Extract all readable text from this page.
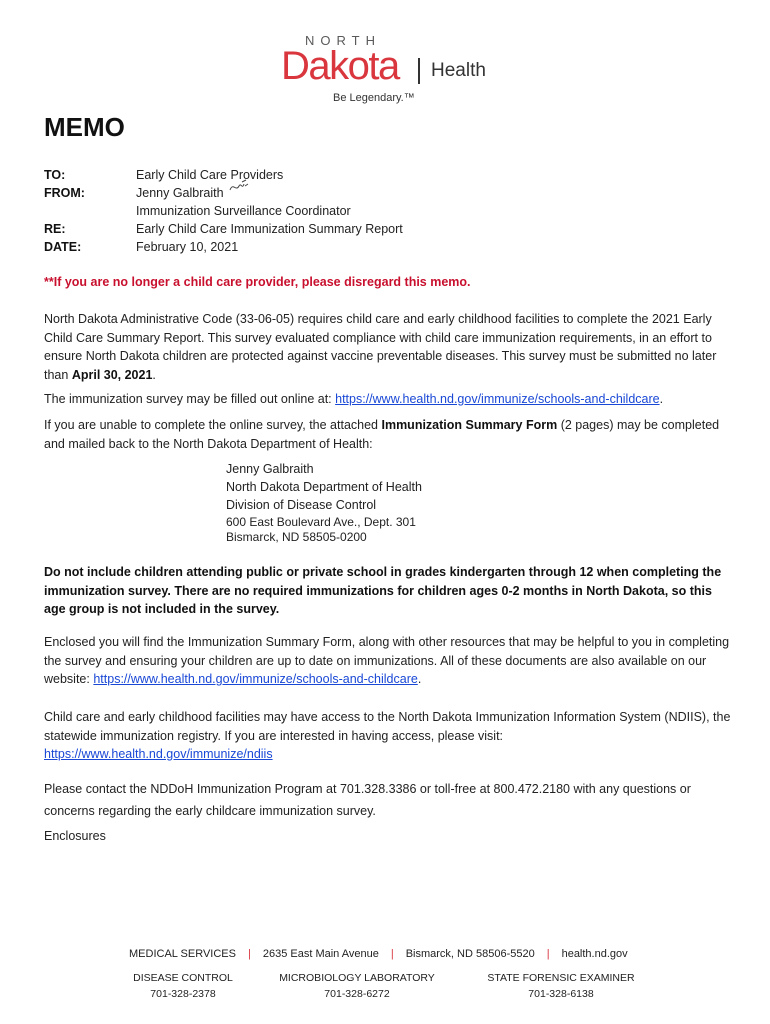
NORTH
Dakota Health
Be Legendary.™
MEMO
TO:	Early Child Care Providers
FROM:	Jenny Galbraith
Immunization Surveillance Coordinator
RE:	Early Child Care Immunization Summary Report
DATE:	February 10, 2021
**If you are no longer a child care provider, please disregard this memo.

North Dakota Administrative Code (33-06-05) requires child care and early childhood facilities to complete the 2021 Early Child Care Summary Report. This survey evaluated compliance with child care immunization requirements, in an effort to ensure North Dakota children are protected against vaccine preventable diseases. This survey must be submitted no later than April 30, 2021.

The immunization survey may be filled out online at: https://www.health.nd.gov/immunize/schools-and-childcare.

If you are unable to complete the online survey, the attached Immunization Summary Form (2 pages) may be completed and mailed back to the North Dakota Department of Health:

Jenny Galbraith
North Dakota Department of Health
Division of Disease Control
600 East Boulevard Ave., Dept. 301
Bismarck, ND 58505-0200

Do not include children attending public or private school in grades kindergarten through 12 when completing the immunization survey. There are no required immunizations for children ages 0-2 months in North Dakota, so this age group is not included in the survey.

Enclosed you will find the Immunization Summary Form, along with other resources that may be helpful to you in completing the survey and ensuring your children are up to date on immunizations. All of these documents are also available on our website: https://www.health.nd.gov/immunize/schools-and-childcare.

Child care and early childhood facilities may have access to the North Dakota Immunization Information System (NDIIS), the statewide immunization registry. If you are interested in having access, please visit: https://www.health.nd.gov/immunize/ndiis

Please contact the NDDoH Immunization Program at 701.328.3386 or toll-free at 800.472.2180 with any questions or concerns regarding the early childcare immunization survey.

Enclosures
MEDICAL SERVICES | 2635 East Main Avenue | Bismarck, ND 58506-5520 | health.nd.gov
DISEASE CONTROL
701-328-2378
MICROBIOLOGY LABORATORY
701-328-6272
STATE FORENSIC EXAMINER
701-328-6138
